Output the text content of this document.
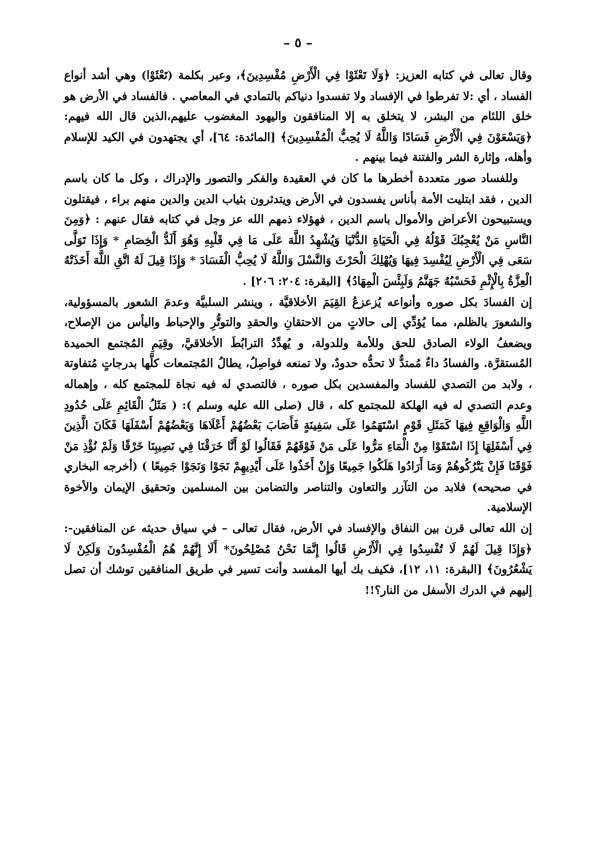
– ٥ –

وقال تعالى في كتابه العزيز: ﴿وَلَا تَعْثَوْا فِي الْأَرْضِ مُفْسِدِينَ﴾، وعبر بكلمة (تَعْثَوْا) وهي أشد أنواع الفساد ، أي :لا تفرطوا في الإفساد ولا تفسدوا دنياكم بالتمادي في المعاصي . فالفساد في الأرض هو خلق اللئام من البشر، لا يتخلق به إلا المنافقون واليهود المغضوب عليهم،الذين قال الله فيهم:﴿وَيَسْعَوْنَ فِي الْأَرْضِ فَسَادًا وَاللَّهُ لَا يُحِبُّ الْمُفْسِدِينَ﴾ [المائدة: ٦٤]، أي يجتهدون في الكيد للإسلام وأهله، وإثارة الشر والفتنة فيما بينهم .

وللفساد صور متعددة أخطرها ما كان في العقيدة والفكر والتصور والإدراك ، وكل ما كان باسم الدين ، فقد ابتليت الأمة بأناس يفسدون في الأرض ويتدثرون بثياب الدين والدين منهم براء ، فيقتلون ويستبيحون الأعراض والأموال باسم الدين ، فهؤلاء ذمهم الله عز وجل في كتابه فقال عنهم : ﴿وَمِنَ النَّاسِ مَنْ يُعْجِبُكَ قَوْلُهُ فِي الْحَيَاةِ الدُّنْيَا وَيُشْهِدُ اللَّهَ عَلَى مَا فِي قَلْبِهِ وَهُوَ أَلَدُّ الْخِصَامِ * وَإِذَا تَوَلَّى سَعَى فِي الْأَرْضِ لِيُفْسِدَ فِيهَا وَيُهْلِكَ الْحَرْثَ وَالنَّسْلَ وَاللَّهُ لَا يُحِبُّ الْفَسَادَ * وَإِذَا قِيلَ لَهُ اتَّقِ اللَّهَ أَخَذَتْهُ الْعِزَّةُ بِالْإِثْمِ فَحَسْبُهُ جَهَنَّمُ وَلَبِئْسَ الْمِهَادُ﴾ [البقرة: ٢٠٤: ٢٠٦] .

إن الفسادَ بكل صوره وأنواعه يُزعزعُ القِيَمَ الأخلاقيَّة ، وينشر السلبيَّة وعدمَ الشعور بالمسؤولية، والشعورَ بالظلم، مما يُؤدِّي إلى حالاتٍ من الاحتقانِ والحقدِ والتوتُّرِ والإحباط واليأس من الإصلاح، ويضعفُ الولاء الصادق للحق وللأمة وللدولة، و يُهدِّدُ الترابُطَ الأخلاقيَّ، وقِيَمِ المُجتمع الحميدة المُستقرَّة. والفسادُ داءٌ مُمتدٌّ لا تحدُّه حدودٌ، ولا تمنعه فواصِلُ، يطالُ المُجتمعات كلَّها بدرجاتٍ مُتفاوتة ، ولابد من التصدي للفساد والمفسدين بكل صوره ، فالتصدي له فيه نجاة للمجتمع كله ، وإهماله وعدم التصدي له فيه الهلكة للمجتمع كله ، قال (صلى الله عليه وسلم ): ( مَثَلُ الْقَائِمِ عَلَى حُدُودِ اللَّهِ وَالْوَاقِعِ فِيهَا كَمَثَلِ قَوْمٍ اسْتَهَمُوا عَلَى سَفِينَةٍ فَأَصَابَ بَعْضُهُمْ أَعْلَاهَا وَبَعْضُهُمْ أَسْفَلَهَا فَكَانَ الَّذِينَ فِي أَسْفَلِهَا إِذَا اسْتَقَوْا مِنْ الْمَاءِ مَرُّوا عَلَى مَنْ فَوْقَهُمْ فَقَالُوا لَوْ أَنَّا خَرَقْنَا فِي نَصِيبِنَا خَرْقًا وَلَمْ نُؤْذِ مَنْ فَوْقَنَا فَإِنْ يَتْرُكُوهُمْ وَمَا أَرَادُوا هَلَكُوا جَمِيعًا وَإِنْ أَخَذُوا عَلَى أَيْدِيهِمْ نَجَوْا وَنَجَوْا جَمِيعًا ) (أخرجه البخاري في صحيحه) فلابد من التآزر والتعاون والتناصر والتضامن بين المسلمين وتحقيق الإيمان والأخوة الإسلامية.

إن الله تعالى قرن بين النفاق والإفساد في الأرض، فقال تعالى – في سياق حديثه عن المنافقين-: ﴿وَإِذَا قِيلَ لَهُمْ لَا تُفْسِدُوا فِي الْأَرْضِ قَالُوا إِنَّمَا نَحْنُ مُصْلِحُونَ* أَلَا إِنَّهُمْ هُمُ الْمُفْسِدُونَ وَلَكِنْ لَا يَشْعُرُونَ﴾ [البقرة: ١١، ١٢]، فكيف بك أيها المفسد وأنت تسير في طريق المنافقين توشك أن تصل إليهم في الدرك الأسفل من النار؟!!
